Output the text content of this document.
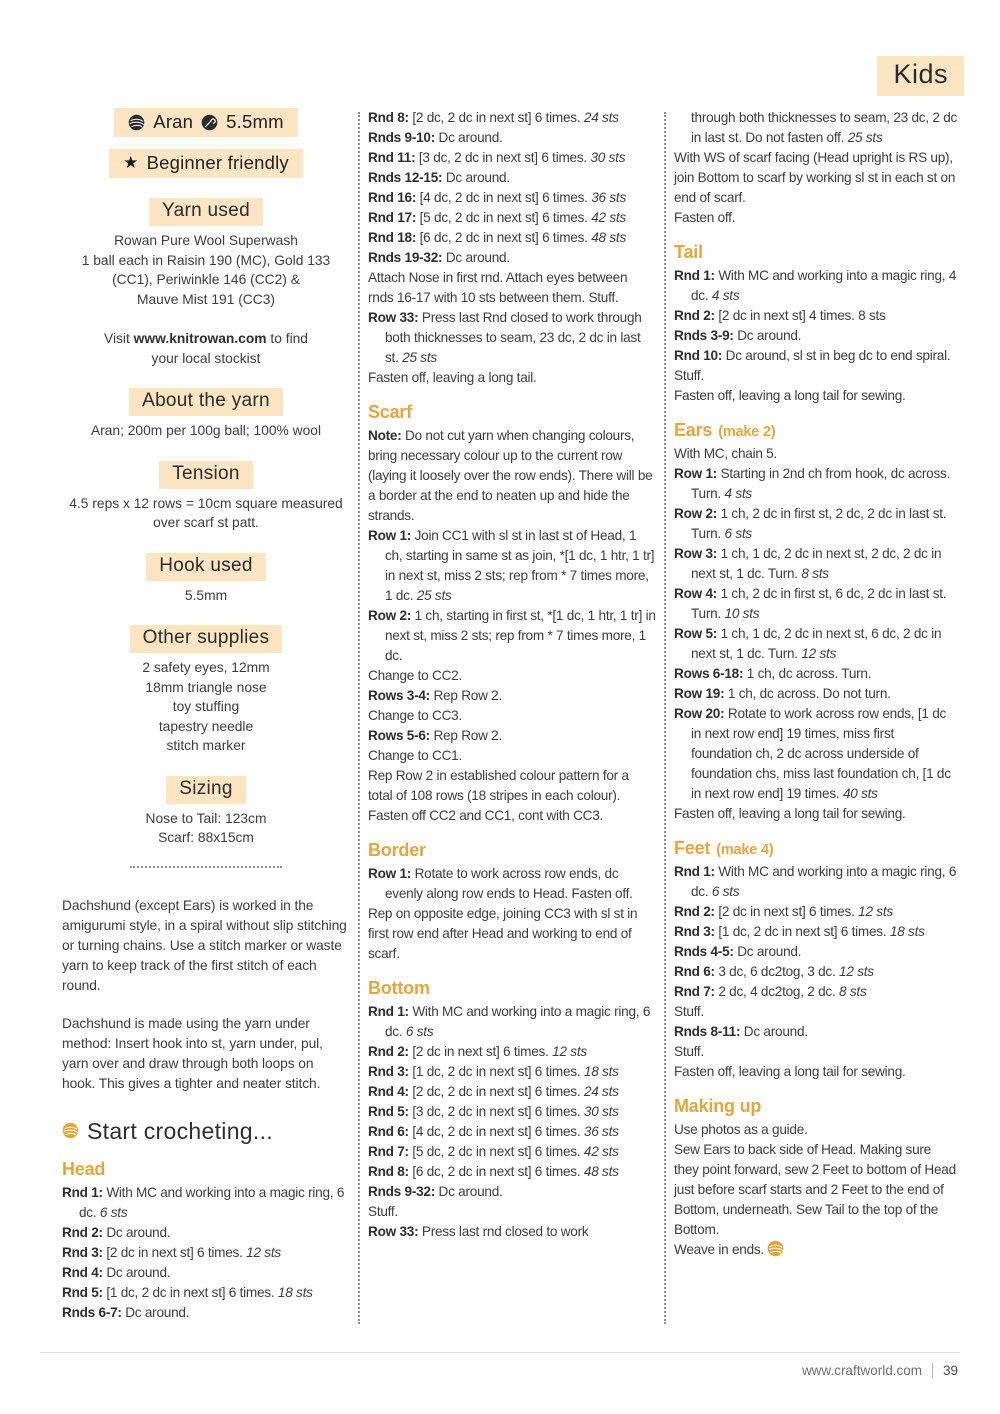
Kids
Aran 5.5mm
★ Beginner friendly
Yarn used
Rowan Pure Wool Superwash
1 ball each in Raisin 190 (MC), Gold 133
(CC1), Periwinkle 146 (CC2) &
Mauve Mist 191 (CC3)
Visit www.knitrowan.com to find
your local stockist
About the yarn
Aran; 200m per 100g ball; 100% wool
Tension
4.5 reps x 12 rows = 10cm square measured
over scarf st patt.
Hook used
5.5mm
Other supplies
2 safety eyes, 12mm
18mm triangle nose
toy stuffing
tapestry needle
stitch marker
Sizing
Nose to Tail: 123cm
Scarf: 88x15cm
Dachshund (except Ears) is worked in the amigurumi style, in a spiral without slip stitching or turning chains. Use a stitch marker or waste yarn to keep track of the first stitch of each round.
Dachshund is made using the yarn under method: Insert hook into st, yarn under, pul, yarn over and draw through both loops on hook. This gives a tighter and neater stitch.
Start crocheting...
Head
Rnd 1: With MC and working into a magic ring, 6 dc. 6 sts
Rnd 2: Dc around.
Rnd 3: [2 dc in next st] 6 times. 12 sts
Rnd 4: Dc around.
Rnd 5: [1 dc, 2 dc in next st] 6 times. 18 sts
Rnds 6-7: Dc around.
Rnd 8: [2 dc, 2 dc in next st] 6 times. 24 sts
Rnds 9-10: Dc around.
Rnd 11: [3 dc, 2 dc in next st] 6 times. 30 sts
Rnds 12-15: Dc around.
Rnd 16: [4 dc, 2 dc in next st] 6 times. 36 sts
Rnd 17: [5 dc, 2 dc in next st] 6 times. 42 sts
Rnd 18: [6 dc, 2 dc in next st] 6 times. 48 sts
Rnds 19-32: Dc around.
Attach Nose in first rnd. Attach eyes between rnds 16-17 with 10 sts between them. Stuff.
Row 33: Press last Rnd closed to work through both thicknesses to seam, 23 dc, 2 dc in last st. 25 sts
Fasten off, leaving a long tail.
Scarf
Note: Do not cut yarn when changing colours, bring necessary colour up to the current row (laying it loosely over the row ends). There will be a border at the end to neaten up and hide the strands.
Row 1: Join CC1 with sl st in last st of Head, 1 ch, starting in same st as join, *[1 dc, 1 htr, 1 tr] in next st, miss 2 sts; rep from * 7 times more, 1 dc. 25 sts
Row 2: 1 ch, starting in first st, *[1 dc, 1 htr, 1 tr] in next st, miss 2 sts; rep from * 7 times more, 1 dc.
Change to CC2.
Rows 3-4: Rep Row 2.
Change to CC3.
Rows 5-6: Rep Row 2.
Change to CC1.
Rep Row 2 in established colour pattern for a total of 108 rows (18 stripes in each colour). Fasten off CC2 and CC1, cont with CC3.
Border
Row 1: Rotate to work across row ends, dc evenly along row ends to Head. Fasten off.
Rep on opposite edge, joining CC3 with sl st in first row end after Head and working to end of scarf.
Bottom
Rnd 1: With MC and working into a magic ring, 6 dc. 6 sts
Rnd 2: [2 dc in next st] 6 times. 12 sts
Rnd 3: [1 dc, 2 dc in next st] 6 times. 18 sts
Rnd 4: [2 dc, 2 dc in next st] 6 times. 24 sts
Rnd 5: [3 dc, 2 dc in next st] 6 times. 30 sts
Rnd 6: [4 dc, 2 dc in next st] 6 times. 36 sts
Rnd 7: [5 dc, 2 dc in next st] 6 times. 42 sts
Rnd 8: [6 dc, 2 dc in next st] 6 times. 48 sts
Rnds 9-32: Dc around.
Stuff.
Row 33: Press last rnd closed to work
through both thicknesses to seam, 23 dc, 2 dc in last st. Do not fasten off. 25 sts
With WS of scarf facing (Head upright is RS up), join Bottom to scarf by working sl st in each st on end of scarf.
Fasten off.
Tail
Rnd 1: With MC and working into a magic ring, 4 dc. 4 sts
Rnd 2: [2 dc in next st] 4 times. 8 sts
Rnds 3-9: Dc around.
Rnd 10: Dc around, sl st in beg dc to end spiral.
Stuff.
Fasten off, leaving a long tail for sewing.
Ears (make 2)
With MC, chain 5.
Row 1: Starting in 2nd ch from hook, dc across. Turn. 4 sts
Row 2: 1 ch, 2 dc in first st, 2 dc, 2 dc in last st. Turn. 6 sts
Row 3: 1 ch, 1 dc, 2 dc in next st, 2 dc, 2 dc in next st, 1 dc. Turn. 8 sts
Row 4: 1 ch, 2 dc in first st, 6 dc, 2 dc in last st. Turn. 10 sts
Row 5: 1 ch, 1 dc, 2 dc in next st, 6 dc, 2 dc in next st, 1 dc. Turn. 12 sts
Rows 6-18: 1 ch, dc across. Turn.
Row 19: 1 ch, dc across. Do not turn.
Row 20: Rotate to work across row ends, [1 dc in next row end] 19 times, miss first foundation ch, 2 dc across underside of foundation chs, miss last foundation ch, [1 dc in next row end] 19 times. 40 sts
Fasten off, leaving a long tail for sewing.
Feet (make 4)
Rnd 1: With MC and working into a magic ring, 6 dc. 6 sts
Rnd 2: [2 dc in next st] 6 times. 12 sts
Rnd 3: [1 dc, 2 dc in next st] 6 times. 18 sts
Rnds 4-5: Dc around.
Rnd 6: 3 dc, 6 dc2tog, 3 dc. 12 sts
Rnd 7: 2 dc, 4 dc2tog, 2 dc. 8 sts
Stuff.
Rnds 8-11: Dc around.
Stuff.
Fasten off, leaving a long tail for sewing.
Making up
Use photos as a guide.
Sew Ears to back side of Head. Making sure they point forward, sew 2 Feet to bottom of Head just before scarf starts and 2 Feet to the end of Bottom, underneath. Sew Tail to the top of the Bottom.
Weave in ends.
www.craftworld.com 39
